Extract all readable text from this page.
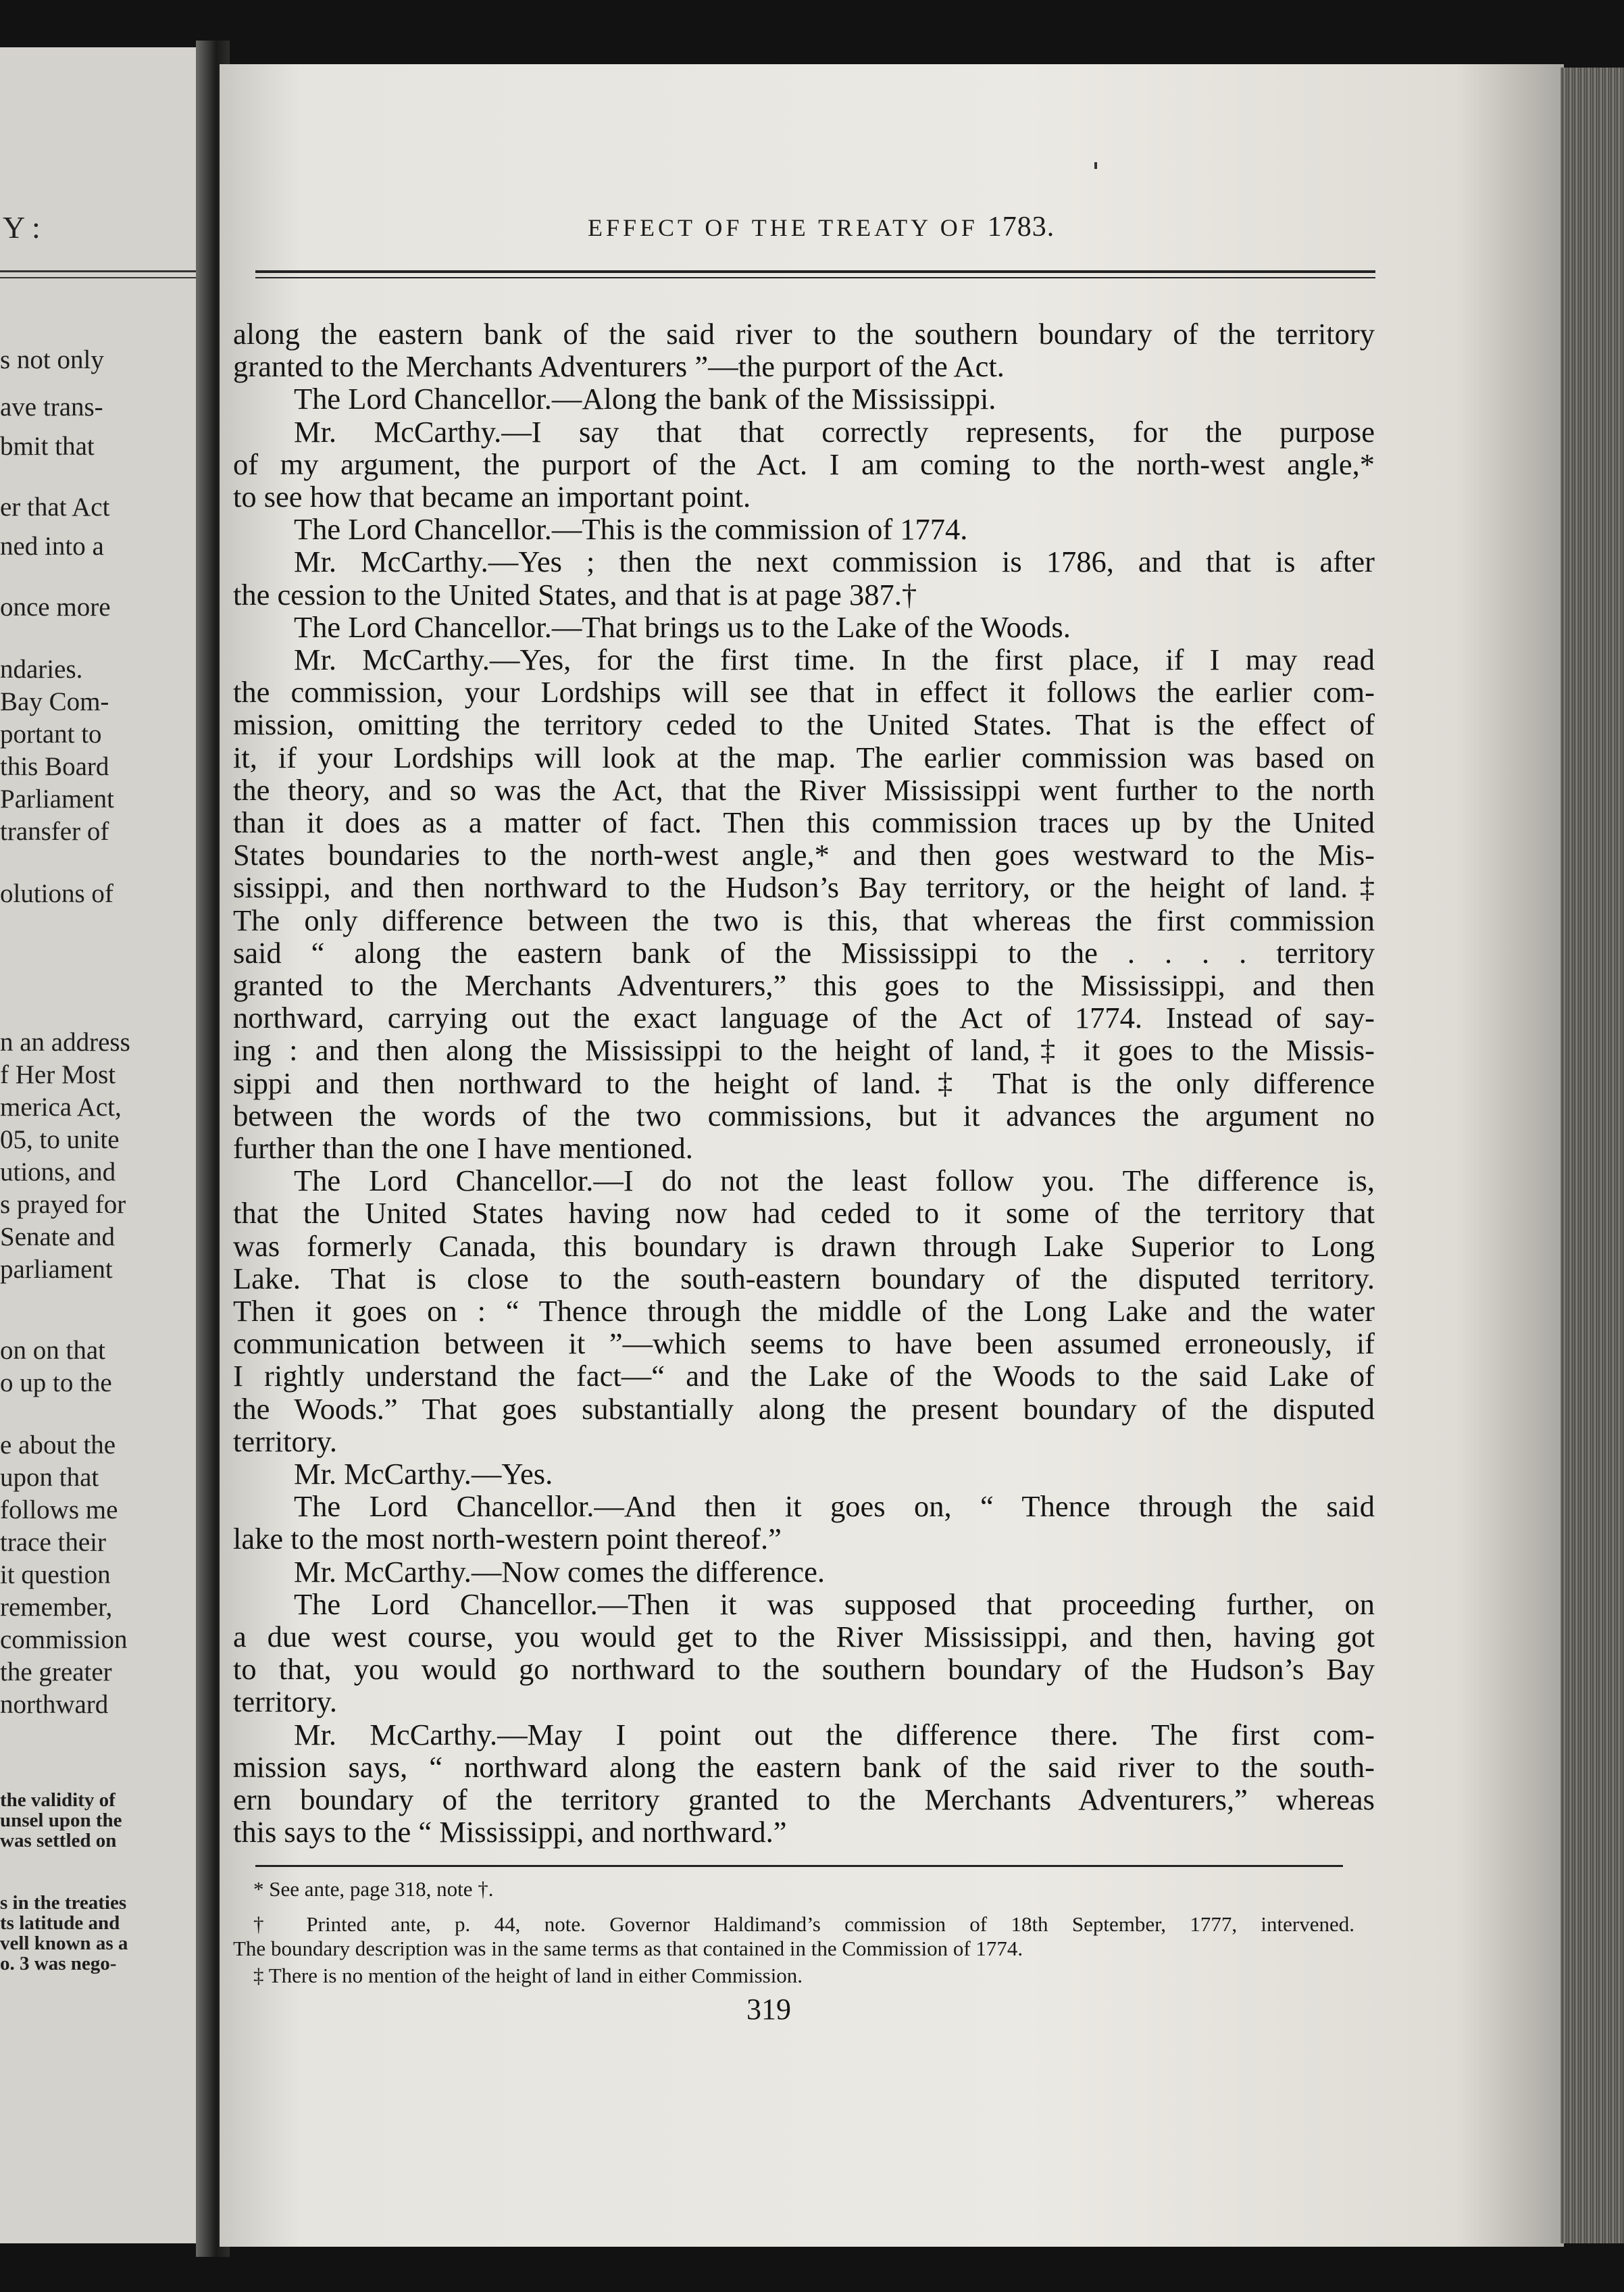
Y :
s not only
ave trans-
bmit that
er that Act
ned into a
once more
ndaries.
Bay Com-
portant to
this Board
Parliament
transfer of
olutions of
n an address
f Her Most
merica Act,
05, to unite
utions, and
s prayed for
Senate and
parliament
on on that
o up to the
e about the
upon that
follows me
trace their
it question
remember,
commission
the greater
northward
the validity of
unsel upon the
was settled on
s in the treaties
ts latitude and
vell known as a
o. 3 was nego-
EFFECT OF THE TREATY OF 1783.
along the eastern bank of the said river to the southern boundary of the territory
granted to the Merchants Adventurers ”—the purport of the Act.
The Lord Chancellor.—Along the bank of the Mississippi.
Mr. McCarthy.—I say that that correctly represents, for the purpose
of my argument, the purport of the Act. I am coming to the north-west angle,*
to see how that became an important point.
The Lord Chancellor.—This is the commission of 1774.
Mr. McCarthy.—Yes ; then the next commission is 1786, and that is after
the cession to the United States, and that is at page 387.†
The Lord Chancellor.—That brings us to the Lake of the Woods.
Mr. McCarthy.—Yes, for the first time. In the first place, if I may read
the commission, your Lordships will see that in effect it follows the earlier com-
mission, omitting the territory ceded to the United States. That is the effect of
it, if your Lordships will look at the map. The earlier commission was based on
the theory, and so was the Act, that the River Mississippi went further to the north
than it does as a matter of fact. Then this commission traces up by the United
States boundaries to the north-west angle,* and then goes westward to the Mis-
sissippi, and then northward to the Hudson’s Bay territory, or the height of land.‡
The only difference between the two is this, that whereas the first commission
said “ along the eastern bank of the Mississippi to the . . . . territory
granted to the Merchants Adventurers,” this goes to the Mississippi, and then
northward, carrying out the exact language of the Act of 1774. Instead of say-
ing : and then along the Mississippi to the height of land,‡ it goes to the Missis-
sippi and then northward to the height of land.‡ That is the only difference
between the words of the two commissions, but it advances the argument no
further than the one I have mentioned.
The Lord Chancellor.—I do not the least follow you. The difference is,
that the United States having now had ceded to it some of the territory that
was formerly Canada, this boundary is drawn through Lake Superior to Long
Lake. That is close to the south-eastern boundary of the disputed territory.
Then it goes on : “ Thence through the middle of the Long Lake and the water
communication between it ”—which seems to have been assumed erroneously, if
I rightly understand the fact—“ and the Lake of the Woods to the said Lake of
the Woods.” That goes substantially along the present boundary of the disputed
territory.
Mr. McCarthy.—Yes.
The Lord Chancellor.—And then it goes on, “ Thence through the said
lake to the most north-western point thereof.”
Mr. McCarthy.—Now comes the difference.
The Lord Chancellor.—Then it was supposed that proceeding further, on
a due west course, you would get to the River Mississippi, and then, having got
to that, you would go northward to the southern boundary of the Hudson’s Bay
territory.
Mr. McCarthy.—May I point out the difference there. The first com-
mission says, “ northward along the eastern bank of the said river to the south-
ern boundary of the territory granted to the Merchants Adventurers,” whereas
this says to the “ Mississippi, and northward.”
* See ante, page 318, note †.
† Printed ante, p. 44, note. Governor Haldimand’s commission of 18th September, 1777, intervened.
The boundary description was in the same terms as that contained in the Commission of 1774.
‡ There is no mention of the height of land in either Commission.
319
